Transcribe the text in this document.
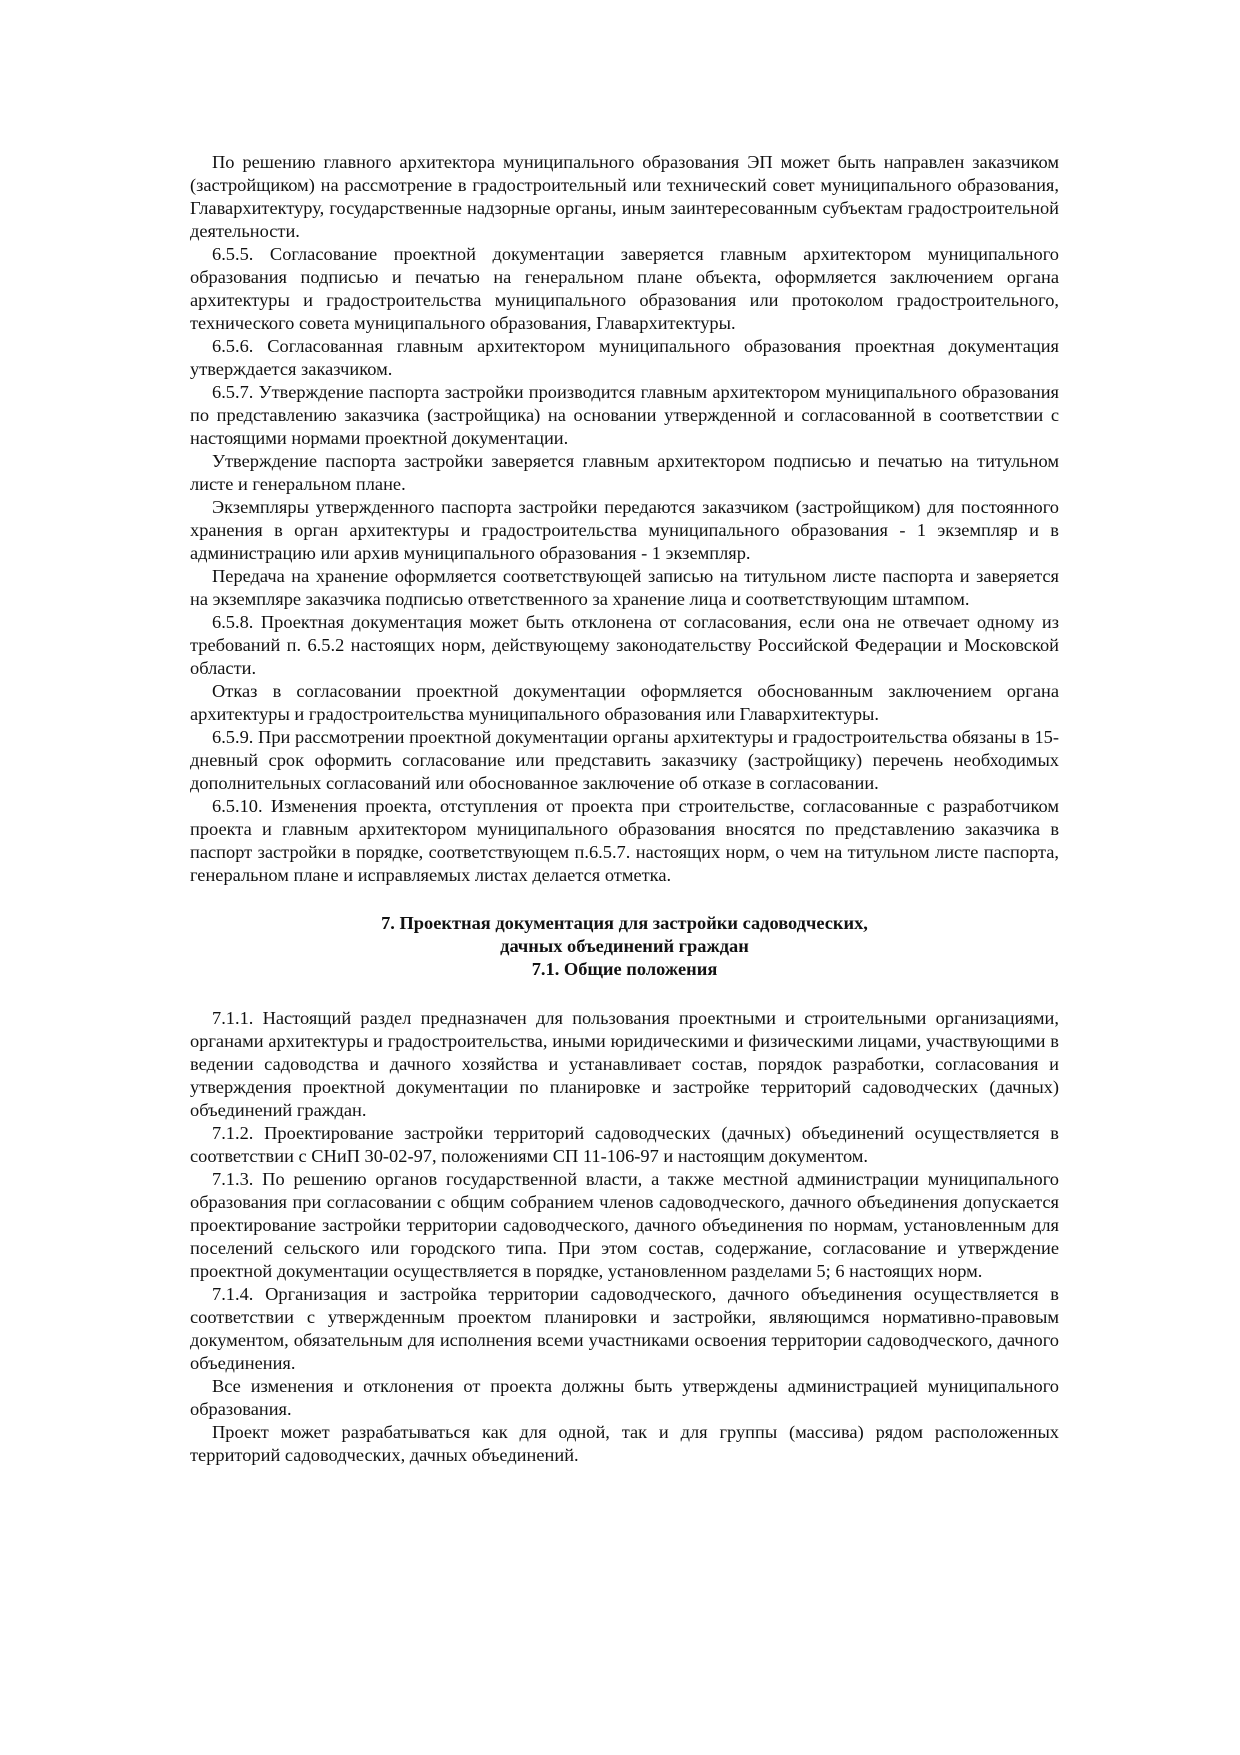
По решению главного архитектора муниципального образования ЭП может быть направлен заказчиком (застройщиком) на рассмотрение в градостроительный или технический совет муниципального образования, Главархитектуру, государственные надзорные органы, иным заинтересованным субъектам градостроительной деятельности.

6.5.5. Согласование проектной документации заверяется главным архитектором муниципального образования подписью и печатью на генеральном плане объекта, оформляется заключением органа архитектуры и градостроительства муниципального образования или протоколом градостроительного, технического совета муниципального образования, Главархитектуры.

6.5.6. Согласованная главным архитектором муниципального образования проектная документация утверждается заказчиком.

6.5.7. Утверждение паспорта застройки производится главным архитектором муниципального образования по представлению заказчика (застройщика) на основании утвержденной и согласованной в соответствии с настоящими нормами проектной документации.

Утверждение паспорта застройки заверяется главным архитектором подписью и печатью на титульном листе и генеральном плане.

Экземпляры утвержденного паспорта застройки передаются заказчиком (застройщиком) для постоянного хранения в орган архитектуры и градостроительства муниципального образования - 1 экземпляр и в администрацию или архив муниципального образования - 1 экземпляр.

Передача на хранение оформляется соответствующей записью на титульном листе паспорта и заверяется на экземпляре заказчика подписью ответственного за хранение лица и соответствующим штампом.

6.5.8. Проектная документация может быть отклонена от согласования, если она не отвечает одному из требований п. 6.5.2 настоящих норм, действующему законодательству Российской Федерации и Московской области.

Отказ в согласовании проектной документации оформляется обоснованным заключением органа архитектуры и градостроительства муниципального образования или Главархитектуры.

6.5.9. При рассмотрении проектной документации органы архитектуры и градостроительства обязаны в 15-дневный срок оформить согласование или представить заказчику (застройщику) перечень необходимых дополнительных согласований или обоснованное заключение об отказе в согласовании.

6.5.10. Изменения проекта, отступления от проекта при строительстве, согласованные с разработчиком проекта и главным архитектором муниципального образования вносятся по представлению заказчика в паспорт застройки в порядке, соответствующем п.6.5.7. настоящих норм, о чем на титульном листе паспорта, генеральном плане и исправляемых листах делается отметка.

7. Проектная документация для застройки садоводческих,
дачных объединений граждан
7.1. Общие положения

7.1.1. Настоящий раздел предназначен для пользования проектными и строительными организациями, органами архитектуры и градостроительства, иными юридическими и физическими лицами, участвующими в ведении садоводства и дачного хозяйства и устанавливает состав, порядок разработки, согласования и утверждения проектной документации по планировке и застройке территорий садоводческих (дачных) объединений граждан.

7.1.2. Проектирование застройки территорий садоводческих (дачных) объединений осуществляется в соответствии с СНиП 30-02-97, положениями СП 11-106-97 и настоящим документом.

7.1.3. По решению органов государственной власти, а также местной администрации муниципального образования при согласовании с общим собранием членов садоводческого, дачного объединения допускается проектирование застройки территории садоводческого, дачного объединения по нормам, установленным для поселений сельского или городского типа. При этом состав, содержание, согласование и утверждение проектной документации осуществляется в порядке, установленном разделами 5; 6 настоящих норм.

7.1.4. Организация и застройка территории садоводческого, дачного объединения осуществляется в соответствии с утвержденным проектом планировки и застройки, являющимся нормативно-правовым документом, обязательным для исполнения всеми участниками освоения территории садоводческого, дачного объединения.

Все изменения и отклонения от проекта должны быть утверждены администрацией муниципального образования.

Проект может разрабатываться как для одной, так и для группы (массива) рядом расположенных территорий садоводческих, дачных объединений.
